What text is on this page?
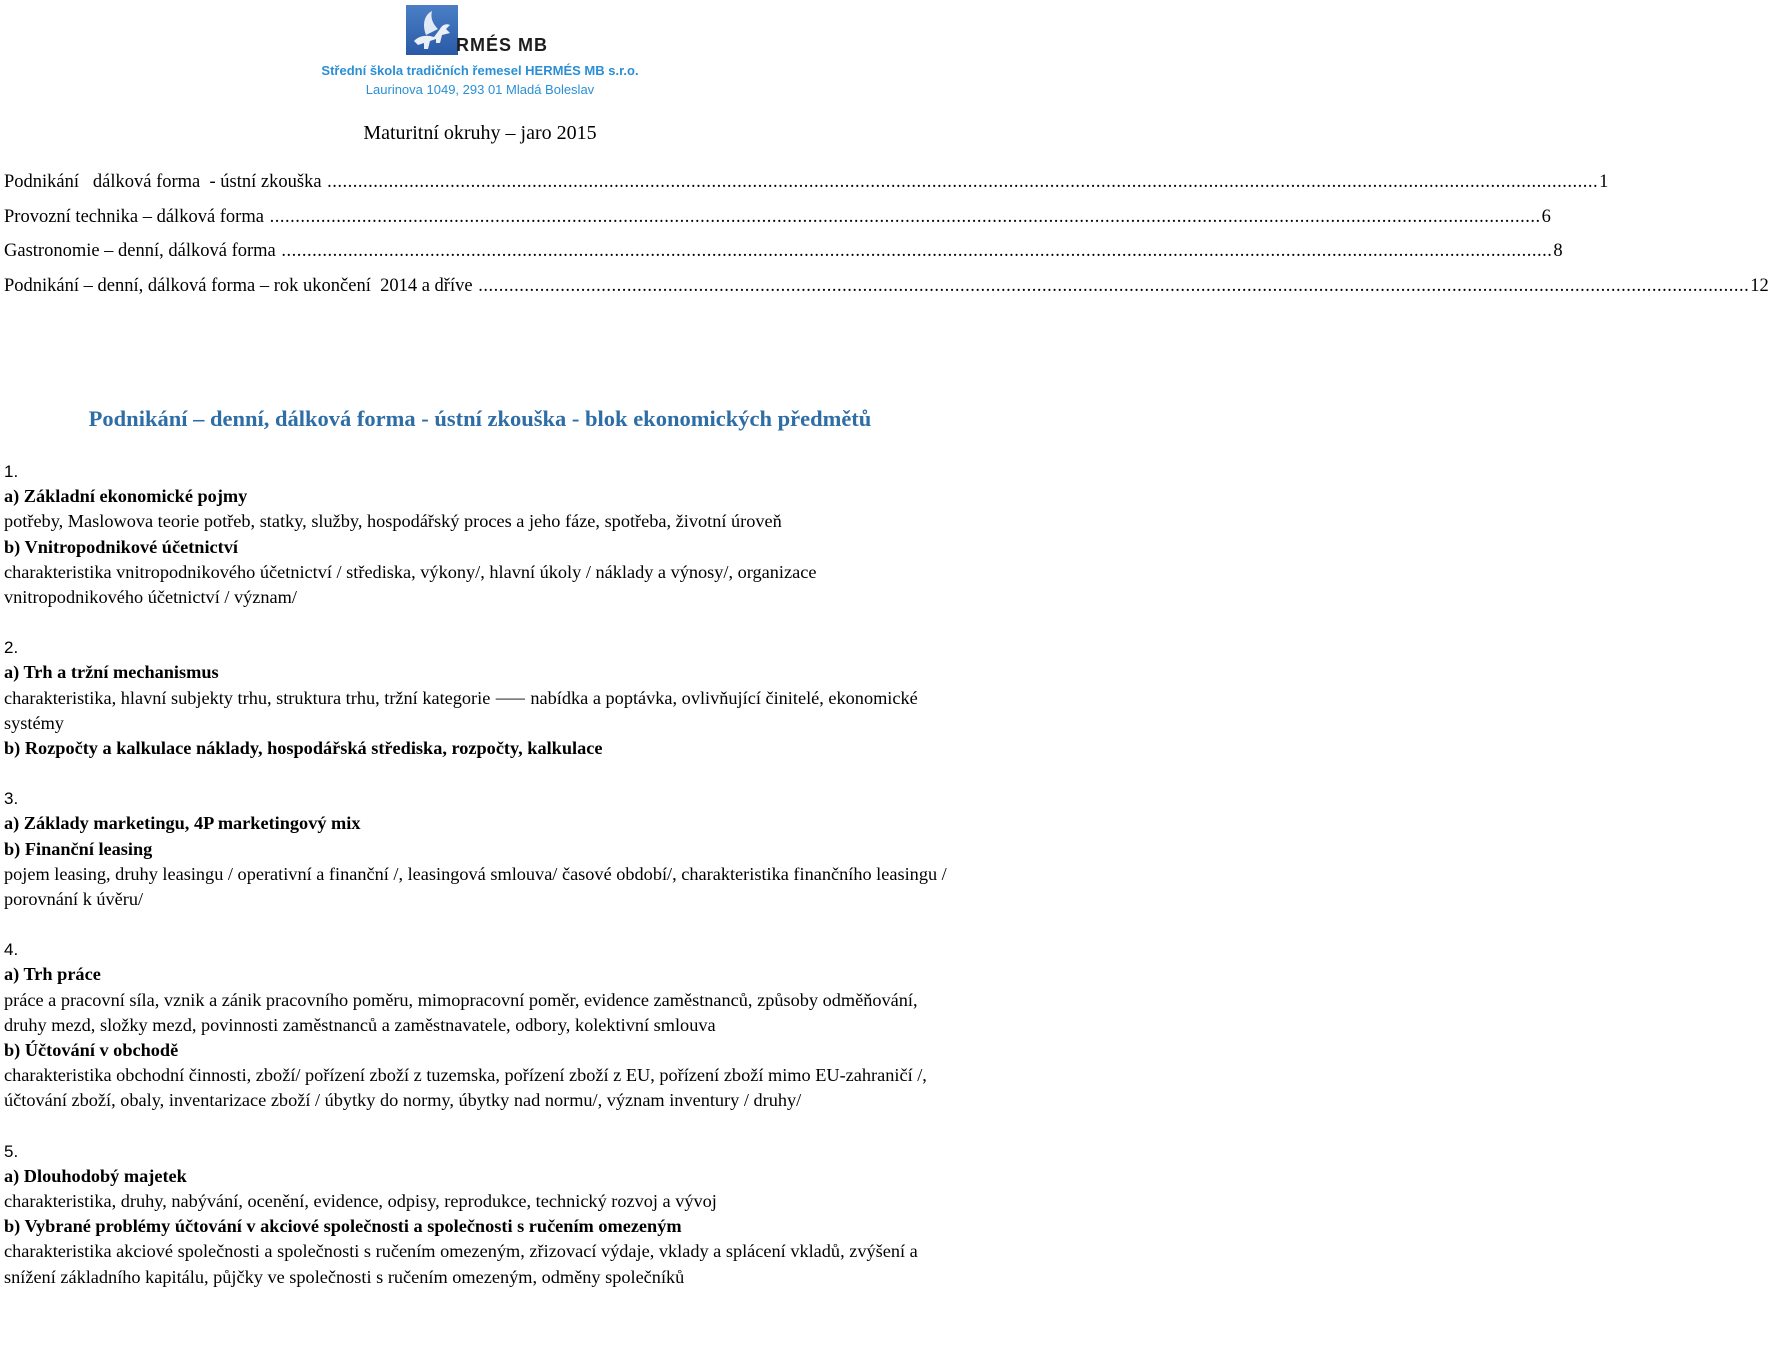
RMÉS MB
Střední škola tradičních řemesel HERMÉS MB s.r.o.
Laurinova 1049, 293 01 Mladá Boleslav
Maturitní okruhy – jaro 2015
Podnikání   dálková forma  - ústní zkouška .....	1
Provozní technika – dálková forma .....	6
Gastronomie – denní, dálková forma .....	8
Podnikání – denní, dálková forma – rok ukončení  2014 a dříve .....	12
Podnikání – denní, dálková forma - ústní zkouška - blok ekonomických předmětů

1.

a) Základní ekonomické pojmy

potřeby, Maslowova teorie potřeb, statky, služby, hospodářský proces a jeho fáze, spotřeba, životní úroveň

b) Vnitropodnikové účetnictví

charakteristika vnitropodnikového účetnictví / střediska, výkony/, hlavní úkoly / náklady a výnosy/, organizace vnitropodnikového účetnictví / význam/

2.

a) Trh a tržní mechanismus

charakteristika, hlavní subjekty trhu, struktura trhu, tržní kategorie ⸺ nabídka a poptávka, ovlivňující činitelé, ekonomické systémy

b) Rozpočty a kalkulace náklady, hospodářská střediska, rozpočty, kalkulace

3.

a) Základy marketingu, 4P marketingový mix

b) Finanční leasing

pojem leasing, druhy leasingu / operativní a finanční /, leasingová smlouva/ časové období/, charakteristika finančního leasingu / porovnání k úvěru/

4.

a) Trh práce

práce a pracovní síla, vznik a zánik pracovního poměru, mimopracovní poměr, evidence zaměstnanců, způsoby odměňování, druhy mezd, složky mezd, povinnosti zaměstnanců a zaměstnavatele, odbory, kolektivní smlouva

b) Účtování v obchodě

charakteristika obchodní činnosti, zboží/ pořízení zboží z tuzemska, pořízení zboží z EU, pořízení zboží mimo EU-zahraničí /, účtování zboží, obaly, inventarizace zboží / úbytky do normy, úbytky nad normu/, význam inventury / druhy/

5.

a) Dlouhodobý majetek

charakteristika, druhy, nabývání, ocenění, evidence, odpisy, reprodukce, technický rozvoj a vývoj

b) Vybrané problémy účtování v akciové společnosti a společnosti s ručením omezeným

charakteristika akciové společnosti a společnosti s ručením omezeným, zřizovací výdaje, vklady a splácení vkladů, zvýšení a snížení základního kapitálu, půjčky ve společnosti s ručením omezeným, odměny společníků
